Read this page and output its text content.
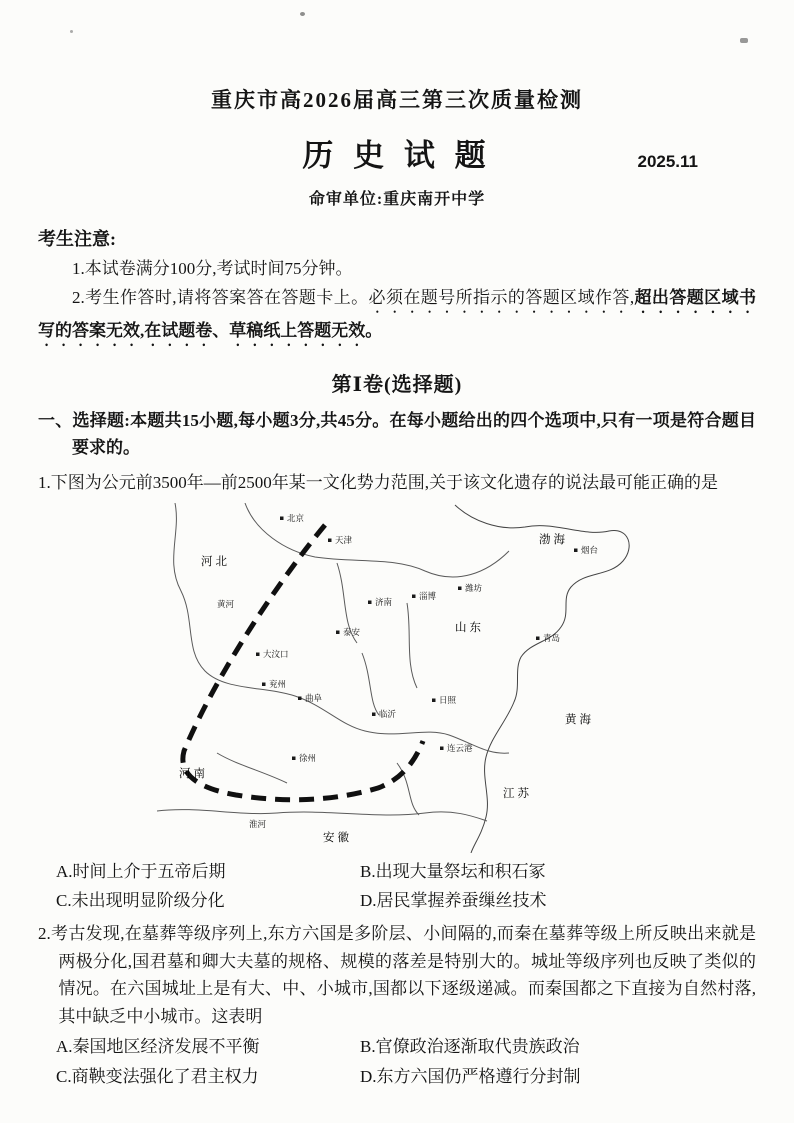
重庆市高2026届高三第三次质量检测
历 史 试 题	2025.11
命审单位:重庆南开中学
考生注意:

1.本试卷满分100分,考试时间75分钟。

2.考生作答时,请将答案答在答题卡上。必须在题号所指示的答题区域作答,超出答题区域书写的答案无效,在试题卷、草稿纸上答题无效。

第Ⅰ卷(选择题)

一、选择题:本题共15小题,每小题3分,共45分。在每小题给出的四个选项中,只有一项是符合题目要求的。

1.下图为公元前3500年—前2500年某一文化势力范围,关于该文化遗存的说法最可能正确的是

河北
北京
天津	渤海
烟台
济南
淄博
潍坊
山东
青岛
泰安
大汶口
兖州
曲阜
临沂
日照
徐州
连云港
黄海
河南
安徽
江苏
黄河
淮河
A.时间上介于五帝后期	B.出现大量祭坛和积石冢
C.未出现明显阶级分化	D.居民掌握养蚕缫丝技术

2.考古发现,在墓葬等级序列上,东方六国是多阶层、小间隔的,而秦在墓葬等级上所反映出来就是两极分化,国君墓和卿大夫墓的规格、规模的落差是特别大的。城址等级序列也反映了类似的情况。在六国城址上是有大、中、小城市,国都以下逐级递减。而秦国都之下直接为自然村落,其中缺乏中小城市。这表明

A.秦国地区经济发展不平衡	B.官僚政治逐渐取代贵族政治
C.商鞅变法强化了君主权力	D.东方六国仍严格遵行分封制
